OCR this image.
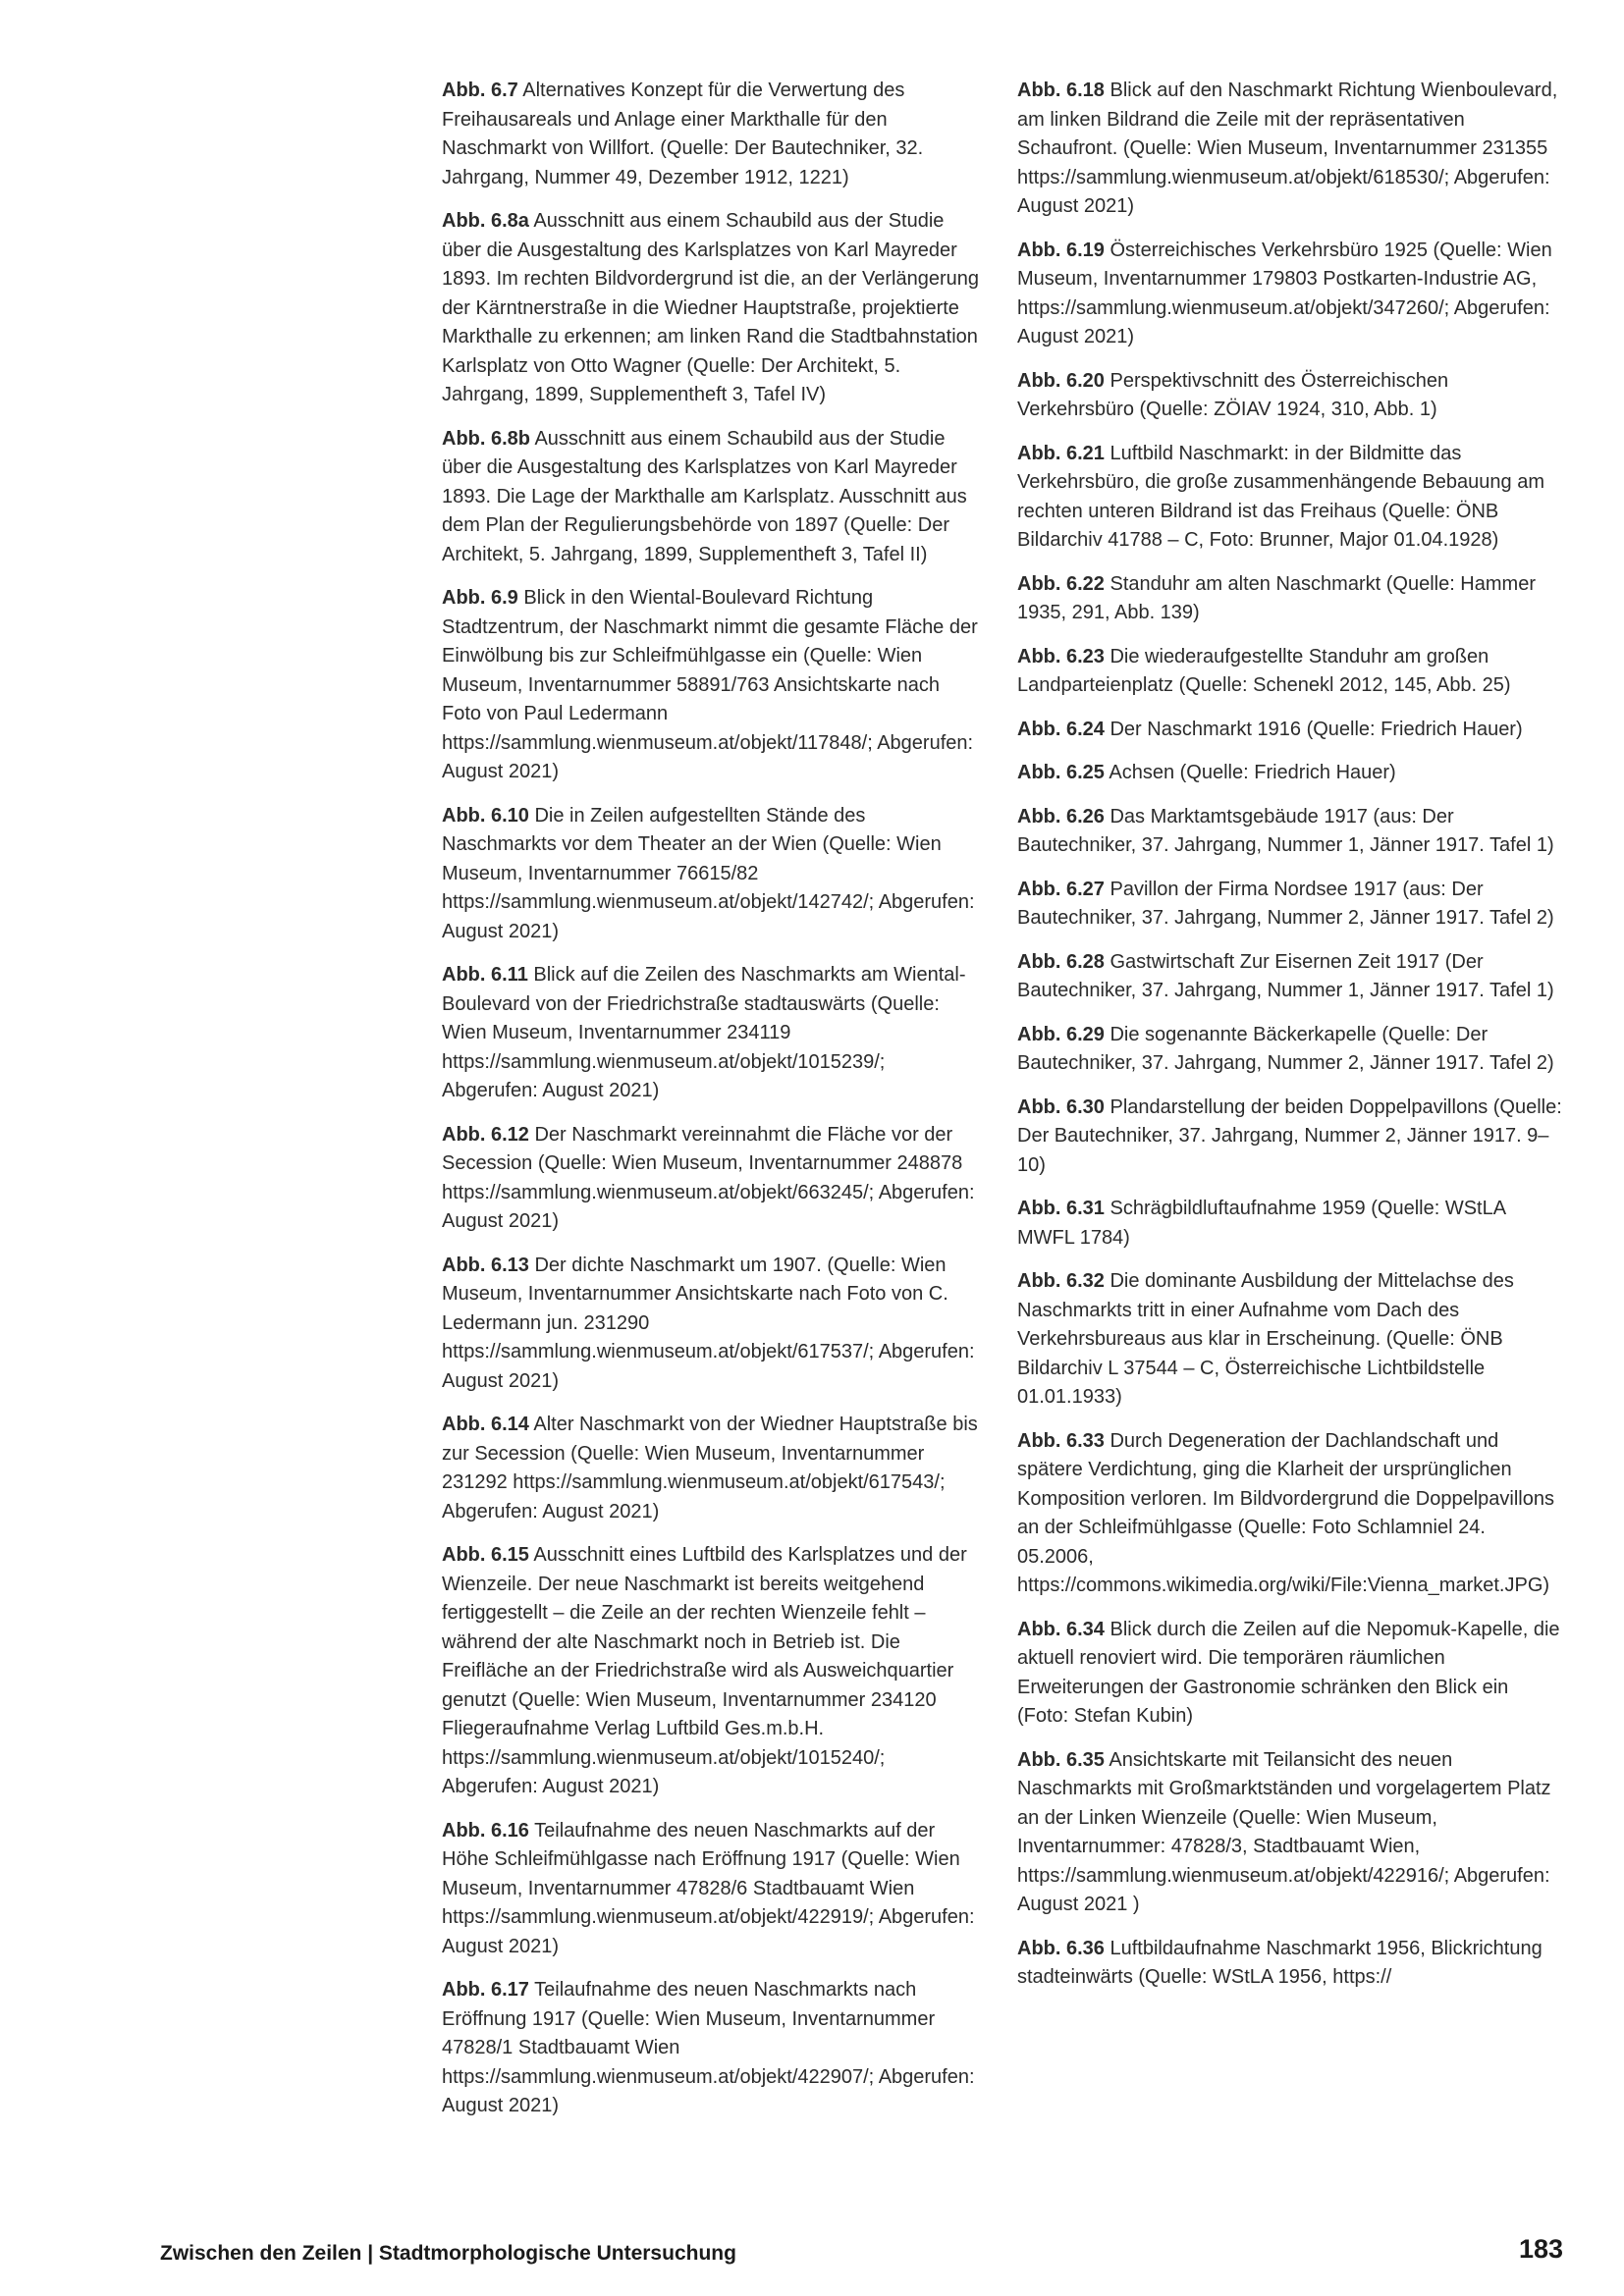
Abb. 6.7 Alternatives Konzept für die Verwertung des Freihausareals und Anlage einer Markthalle für den Naschmarkt von Willfort. (Quelle: Der Bautechniker, 32. Jahrgang, Nummer 49, Dezember 1912, 1221)

Abb. 6.8a Ausschnitt aus einem Schaubild aus der Studie über die Ausgestaltung des Karlsplatzes von Karl Mayreder 1893. Im rechten Bildvordergrund ist die, an der Verlängerung der Kärntnerstraße in die Wiedner Hauptstraße, projektierte Markthalle zu erkennen; am linken Rand die Stadtbahnstation Karlsplatz von Otto Wagner (Quelle: Der Architekt, 5. Jahrgang, 1899, Supplementheft 3, Tafel IV)

Abb. 6.8b Ausschnitt aus einem Schaubild aus der Studie über die Ausgestaltung des Karlsplatzes von Karl Mayreder 1893. Die Lage der Markthalle am Karlsplatz. Ausschnitt aus dem Plan der Regulierungsbehörde von 1897 (Quelle: Der Architekt, 5. Jahrgang, 1899, Supplementheft 3, Tafel II)

Abb. 6.9 Blick in den Wiental-Boulevard Richtung Stadtzentrum, der Naschmarkt nimmt die gesamte Fläche der Einwölbung bis zur Schleifmühlgasse ein (Quelle: Wien Museum, Inventarnummer 58891/763 Ansichtskarte nach Foto von Paul Ledermann https://sammlung.wienmuseum.at/objekt/117848/; Abgerufen: August 2021)

Abb. 6.10 Die in Zeilen aufgestellten Stände des Naschmarkts vor dem Theater an der Wien (Quelle: Wien Museum, Inventarnummer 76615/82 https://sammlung.wienmuseum.at/objekt/142742/; Abgerufen: August 2021)

Abb. 6.11 Blick auf die Zeilen des Naschmarkts am Wiental-Boulevard von der Friedrichstraße stadtauswärts (Quelle: Wien Museum, Inventarnummer 234119 https://sammlung.wienmuseum.at/objekt/1015239/; Abgerufen: August 2021)

Abb. 6.12 Der Naschmarkt vereinnahmt die Fläche vor der Secession (Quelle: Wien Museum, Inventarnummer 248878 https://sammlung.wienmuseum.at/objekt/663245/; Abgerufen: August 2021)

Abb. 6.13 Der dichte Naschmarkt um 1907. (Quelle: Wien Museum, Inventarnummer Ansichtskarte nach Foto von C. Ledermann jun. 231290 https://sammlung.wienmuseum.at/objekt/617537/; Abgerufen: August 2021)

Abb. 6.14 Alter Naschmarkt von der Wiedner Hauptstraße bis zur Secession (Quelle: Wien Museum, Inventarnummer 231292 https://sammlung.wienmuseum.at/objekt/617543/; Abgerufen: August 2021)

Abb. 6.15 Ausschnitt eines Luftbild des Karlsplatzes und der Wienzeile. Der neue Naschmarkt ist bereits weitgehend fertiggestellt – die Zeile an der rechten Wienzeile fehlt – während der alte Naschmarkt noch in Betrieb ist. Die Freifläche an der Friedrichstraße wird als Ausweichquartier genutzt (Quelle: Wien Museum, Inventarnummer 234120 Fliegeraufnahme Verlag Luftbild Ges.m.b.H. https://sammlung.wienmuseum.at/objekt/1015240/; Abgerufen: August 2021)

Abb. 6.16 Teilaufnahme des neuen Naschmarkts auf der Höhe Schleifmühlgasse nach Eröffnung 1917 (Quelle: Wien Museum, Inventarnummer 47828/6 Stadtbauamt Wien https://sammlung.wienmuseum.at/objekt/422919/; Abgerufen: August 2021)

Abb. 6.17 Teilaufnahme des neuen Naschmarkts nach Eröffnung 1917 (Quelle: Wien Museum, Inventarnummer 47828/1 Stadtbauamt Wien https://sammlung.wienmuseum.at/objekt/422907/; Abgerufen: August 2021)

Abb. 6.18 Blick auf den Naschmarkt Richtung Wienboulevard, am linken Bildrand die Zeile mit der repräsentativen Schaufront. (Quelle: Wien Museum, Inventarnummer 231355 https://sammlung.wienmuseum.at/objekt/618530/; Abgerufen: August 2021)

Abb. 6.19 Österreichisches Verkehrsbüro 1925 (Quelle: Wien Museum, Inventarnummer 179803 Postkarten-Industrie AG, https://sammlung.wienmuseum.at/objekt/347260/; Abgerufen: August 2021)

Abb. 6.20 Perspektivschnitt des Österreichischen Verkehrsbüro (Quelle: ZÖIAV 1924, 310, Abb. 1)

Abb. 6.21 Luftbild Naschmarkt: in der Bildmitte das Verkehrsbüro, die große zusammenhängende Bebauung am rechten unteren Bildrand ist das Freihaus (Quelle: ÖNB Bildarchiv 41788 – C, Foto: Brunner, Major 01.04.1928)

Abb. 6.22 Standuhr am alten Naschmarkt (Quelle: Hammer 1935, 291, Abb. 139)

Abb. 6.23 Die wiederaufgestellte Standuhr am großen Landparteienplatz (Quelle: Schenekl 2012, 145, Abb. 25)

Abb. 6.24 Der Naschmarkt 1916 (Quelle: Friedrich Hauer)

Abb. 6.25 Achsen (Quelle: Friedrich Hauer)

Abb. 6.26 Das Marktamtsgebäude 1917 (aus: Der Bautechniker, 37. Jahrgang, Nummer 1, Jänner 1917. Tafel 1)

Abb. 6.27 Pavillon der Firma Nordsee 1917 (aus: Der Bautechniker, 37. Jahrgang, Nummer 2, Jänner 1917. Tafel 2)

Abb. 6.28 Gastwirtschaft Zur Eisernen Zeit 1917 (Der Bautechniker, 37. Jahrgang, Nummer 1, Jänner 1917. Tafel 1)

Abb. 6.29 Die sogenannte Bäckerkapelle (Quelle: Der Bautechniker, 37. Jahrgang, Nummer 2, Jänner 1917. Tafel 2)

Abb. 6.30 Plandarstellung der beiden Doppelpavillons (Quelle: Der Bautechniker, 37. Jahrgang, Nummer 2, Jänner 1917. 9–10)

Abb. 6.31 Schrägbildluftaufnahme 1959 (Quelle: WStLA MWFL 1784)

Abb. 6.32 Die dominante Ausbildung der Mittelachse des Naschmarkts tritt in einer Aufnahme vom Dach des Verkehrsbureaus aus klar in Erscheinung. (Quelle: ÖNB Bildarchiv L 37544 – C, Österreichische Lichtbildstelle 01.01.1933)

Abb. 6.33 Durch Degeneration der Dachlandschaft und spätere Verdichtung, ging die Klarheit der ursprünglichen Komposition verloren. Im Bildvordergrund die Doppelpavillons an der Schleifmühlgasse (Quelle: Foto Schlamniel 24. 05.2006, https://commons.wikimedia.org/wiki/File:Vienna_market.JPG)

Abb. 6.34 Blick durch die Zeilen auf die Nepomuk-Kapelle, die aktuell renoviert wird. Die temporären räumlichen Erweiterungen der Gastronomie schränken den Blick ein (Foto: Stefan Kubin)

Abb. 6.35 Ansichtskarte mit Teilansicht des neuen Naschmarkts mit Großmarktständen und vorgelagertem Platz an der Linken Wienzeile (Quelle: Wien Museum, Inventarnummer: 47828/3, Stadtbauamt Wien, https://sammlung.wienmuseum.at/objekt/422916/; Abgerufen: August 2021 )

Abb. 6.36 Luftbildaufnahme Naschmarkt 1956, Blickrichtung stadteinwärts (Quelle: WStLA 1956, https://

Zwischen den Zeilen | Stadtmorphologische Untersuchung	183
